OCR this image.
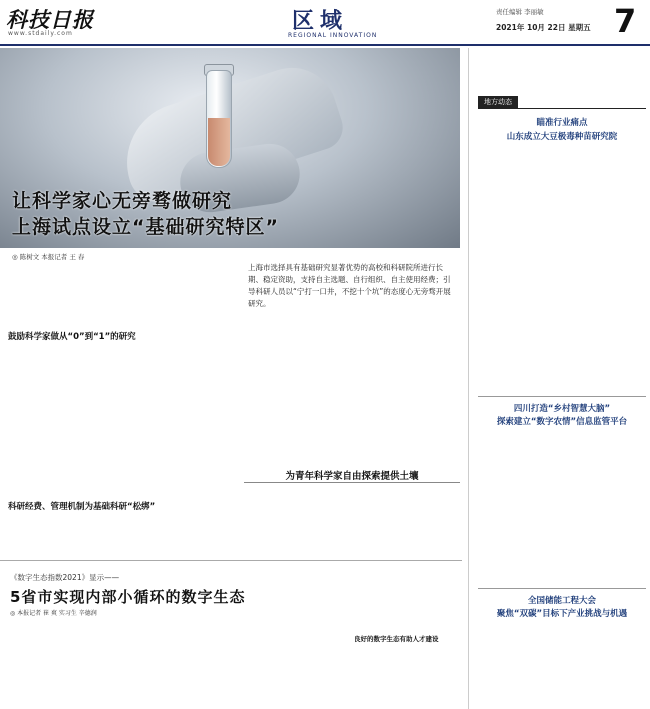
科技日报
www.stdaily.com	区域
REGIONAL INNOVATION
责任编辑 李丽敏
2021年 10月 22日 星期五 7
让科学家心无旁骛做研究
上海试点设立“基础研究特区”
◎ 陈树文 本报记者 王 春
上海市选择具有基础研究显著优势的高校和科研院所进行长期、稳定资助，支持自主选题、自行组织、自主使用经费；引导科研人员以“宁打一口井，不挖十个坑”的态度心无旁骛开展研究。
鼓励科学家做从“0”到“1”的研究
科研经费、管理机制为基础科研“松绑”
为青年科学家自由探索提供土壤
《数字生态指数2021》显示——
5省市实现内部小循环的数字生态
◎ 本报记者 崔 爽 实习生 辛德润
良好的数字生态有助人才建设
地方动态
瞄准行业痛点
山东成立大豆极毒种苗研究院
四川打造“乡村智慧大脑”
探索建立“数字农情”信息监管平台
全国储能工程大会
聚焦“双碳”目标下产业挑战与机遇
